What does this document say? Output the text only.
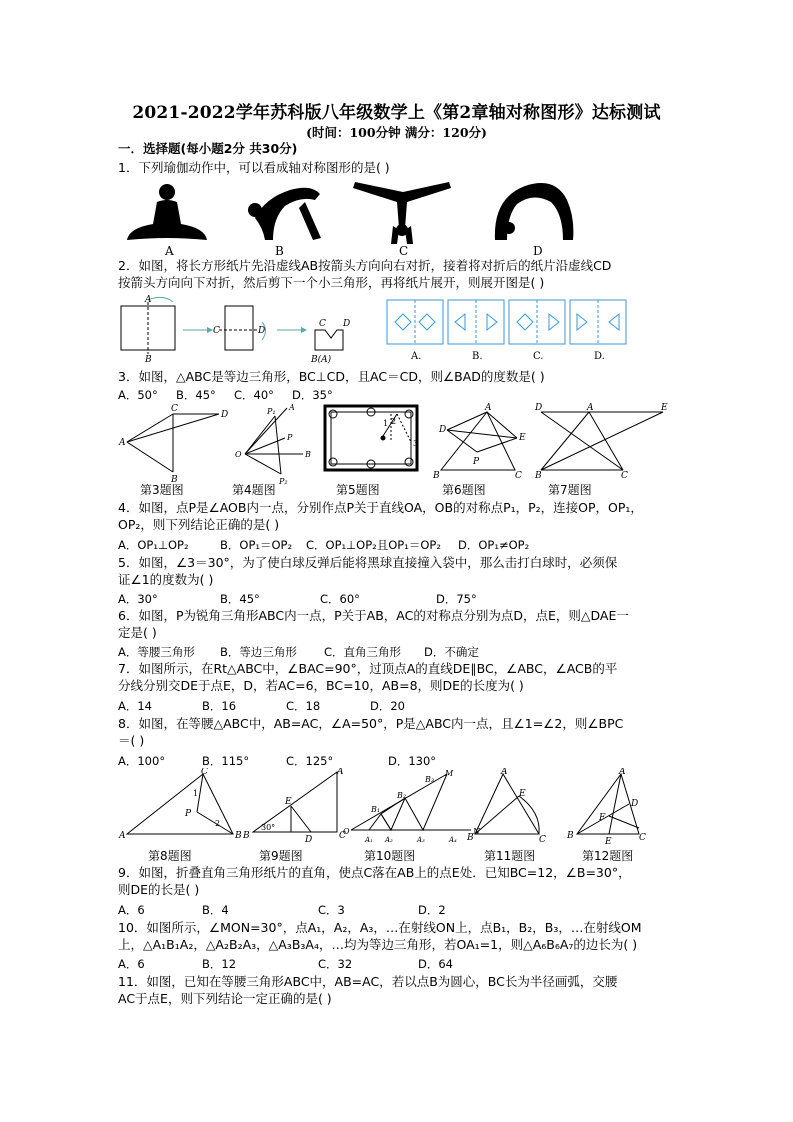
2021-2022学年苏科版八年级数学上《第2章轴对称图形》达标测试
(时间：100分钟 满分：120分)
一．选择题(每小题2分 共30分)
1．下列瑜伽动作中，可以看成轴对称图形的是( )
A	B	C	D
2．如图，将长方形纸片先沿虚线AB按箭头方向向右对折，接着将对折后的纸片沿虚线CD
按箭头方向向下对折，然后剪下一个小三角形，再将纸片展开，则展开图是( )
A
B
C	D
C D
B(A)	A.	B.	C.	D.
3．如图，△ABC是等边三角形，BC⊥CD，且AC＝CD，则∠BAD的度数是( )
A．50° B．45° C．40° D．35°
C
D
A
B
P₁ A
P
O	B
P₂
2
1
3
A
D
E
P
B	C
D	A	E
B	C
第3题图	第4题图	第5题图	第6题图	第7题图
4．如图，点P是∠AOB内一点，分别作点P关于直线OA，OB的对称点P₁，P₂，连接OP，OP₁，
OP₂，则下列结论正确的是( )
A．OP₁⊥OP₂	B．OP₁＝OP₂ C．OP₁⊥OP₂且OP₁＝OP₂ D．OP₁≠OP₂
5．如图，∠3＝30°，为了使白球反弹后能将黑球直接撞入袋中，那么击打白球时，必须保
证∠1的度数为( )
A．30°	B．45°	C．60°	D．75°
6．如图，P为锐角三角形ABC内一点，P关于AB，AC的对称点分别为点D，点E，则△DAE一
定是( )
A．等腰三角形 B．等边三角形 C．直角三角形 D．不确定
7．如图所示，在Rt△ABC中，∠BAC=90°，过顶点A的直线DE∥BC，∠ABC，∠ACB的平
分线分别交DE于点E，D，若AC=6，BC=10，AB=8，则DE的长度为( )
A．14	B．16	C．18	D．20
8．如图，在等腰△ABC中，AB=AC，∠A=50°，P是△ABC内一点，且∠1=∠2，则∠BPC
＝( )
A．100°	B．115°	C．125°	D．130°
C
1
P
2
A	B
A
E
30°
B	D	C
B₃
M
B₂
B₁
O
A₁ A₂	A₃	A₄
N
A
E
B	C
A
D
F
B
E	C
第8题图	第9题图	第10题图	第11题图	第12题图
9．如图，折叠直角三角形纸片的直角，使点C落在AB上的点E处．已知BC=12，∠B=30°，
则DE的长是( )
A．6	B．4	C．3	D．2
10．如图所示，∠MON=30°，点A₁，A₂，A₃，…在射线ON上，点B₁，B₂，B₃，…在射线OM
上，△A₁B₁A₂，△A₂B₂A₃，△A₃B₃A₄，…均为等边三角形，若OA₁=1，则△A₆B₆A₇的边长为( )
A．6	B．12	C．32	D．64
11．如图，已知在等腰三角形ABC中，AB=AC，若以点B为圆心，BC长为半径画弧，交腰
AC于点E，则下列结论一定正确的是( )
